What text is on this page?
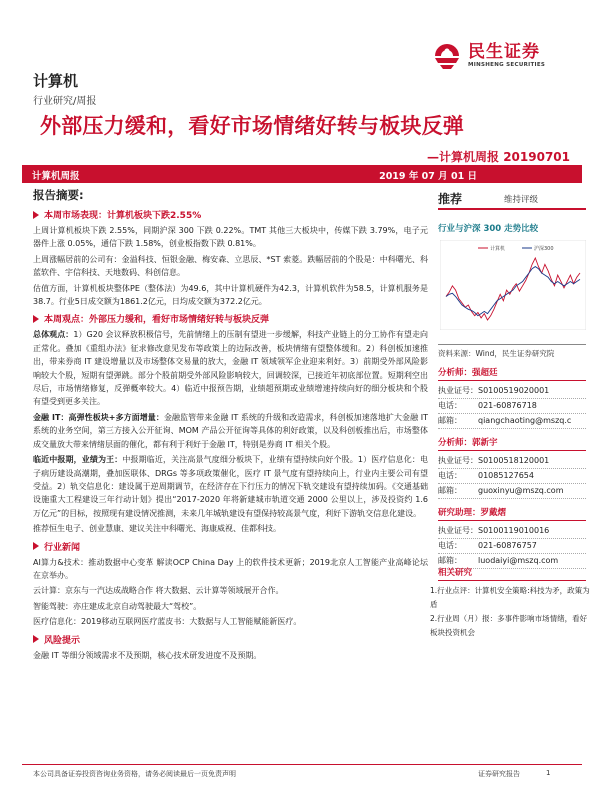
民生证券
MINSHENG SECURITIES
计算机
行业研究/周报
外部压力缓和，看好市场情绪好转与板块反弹
—计算机周报 20190701
计算机周报	2019 年 07 月 01 日
报告摘要:
本周市场表现：计算机板块下跌2.55%

上周计算机板块下跌 2.55%，同期沪深 300 下跌 0.22%。TMT 其他三大板块中，传媒下跌 3.79%，电子元器件上涨 0.05%，通信下跌 1.58%，创业板指数下跌 0.81%。

上周涨幅居前的公司有：金溢科技、恒银金融、梅安森、立思辰、*ST 索菱。跌幅居前的个股是：中科曙光、科蓝软件、宇信科技、天地数码、科创信息。

估值方面，计算机板块整体PE（整体法）为49.6，其中计算机硬件为42.3，计算机软件为58.5，计算机服务是38.7。行业5日成交额为1861.2亿元，日均成交额为372.2亿元。

本周观点：外部压力缓和，看好市场情绪好转与板块反弹

总体观点：1）G20 会议释放积极信号，先前情绪上的压制有望进一步缓解，科技产业链上的分工协作有望走向正常化。叠加《重组办法》征求修改意见发布等政策上的边际改善，板块情绪有望整体缓和。2）科创板加速推出，带来券商 IT 建设增量以及市场整体交易量的放大，金融 IT 领域领军企业迎来利好。3）前期受外部风险影响较大个股，短期有望弹跳。部分个股前期受外部风险影响较大，回调较深，已接近年初底部位置。短期利空出尽后，市场情绪修复，反弹概率较大。4）临近中报预告期，业绩超预期或业绩增速持续向好的细分板块和个股有望受到更多关注。

金融 IT：高弹性板块+多方面增量：金融监管带来金融 IT 系统的升级和改造需求，科创板加速落地扩大金融 IT 系统的业务空间，第三方接入公开征询、MOM 产品公开征询等具体的利好政策，以及科创板推出后，市场整体成交量放大带来情绪层面的催化，都有利于利好于金融 IT，特别是券商 IT 相关个股。

临近中报期，业绩为王：中报期临近，关注高景气度细分板块下，业绩有望持续向好个股。1）医疗信息化：电子病历建设高潮期，叠加医联体、DRGs 等多项政策催化，医疗 IT 景气度有望持续向上，行业内主要公司有望受益。2）轨交信息化：建设属于逆周期调节，在经济存在下行压力的情况下轨交建设有望持续加码。《交通基础设施重大工程建设三年行动计划》提出“2017-2020 年将新建城市轨道交通 2000 公里以上，涉及投资约 1.6 万亿元”的目标，按照现有建设情况推测，未来几年城轨建设有望保持较高景气度，利好下游轨交信息化建设。

推荐恒生电子、创业慧康、建议关注中科曙光、海康威视、佳都科技。

行业新闻

AI算力&技术：推动数据中心变革 解读OCP China Day 上的软件技术更新；2019北京人工智能产业高峰论坛在京举办。

云计算：京东与一汽达成战略合作 将大数据、云计算等领域展开合作。

智能驾驶：亦庄建成北京自动驾驶最大“驾校”。

医疗信息化：2019移动互联网医疗蓝皮书：大数据与人工智能赋能新医疗。

风险提示

金融 IT 等细分领域需求不及预期，核心技术研发进度不及预期。

推荐	维持评级
行业与沪深 300 走势比较
计算机	沪深300
资料来源：Wind，民生证券研究院
分析师：强超廷
执业证号： S0100519020001
电话：	021-60876718
邮箱：	qiangchaoting@mszq.c
分析师：郭新宇
执业证号： S0100518120001
电话：	01085127654
邮箱：	guoxinyu@mszq.com
研究助理：罗戴熠
执业证号： S0100119010016
电话：	021-60876757
邮箱：	luodaiyi@mszq.com
相关研究
1.行业点评：计算机安全策略:科技为矛，政策为盾
2.行业周（月）报：多事件影响市场情绪，看好板块投资机会
本公司具备证券投资咨询业务资格，请务必阅读最后一页免责声明	证券研究报告	1
